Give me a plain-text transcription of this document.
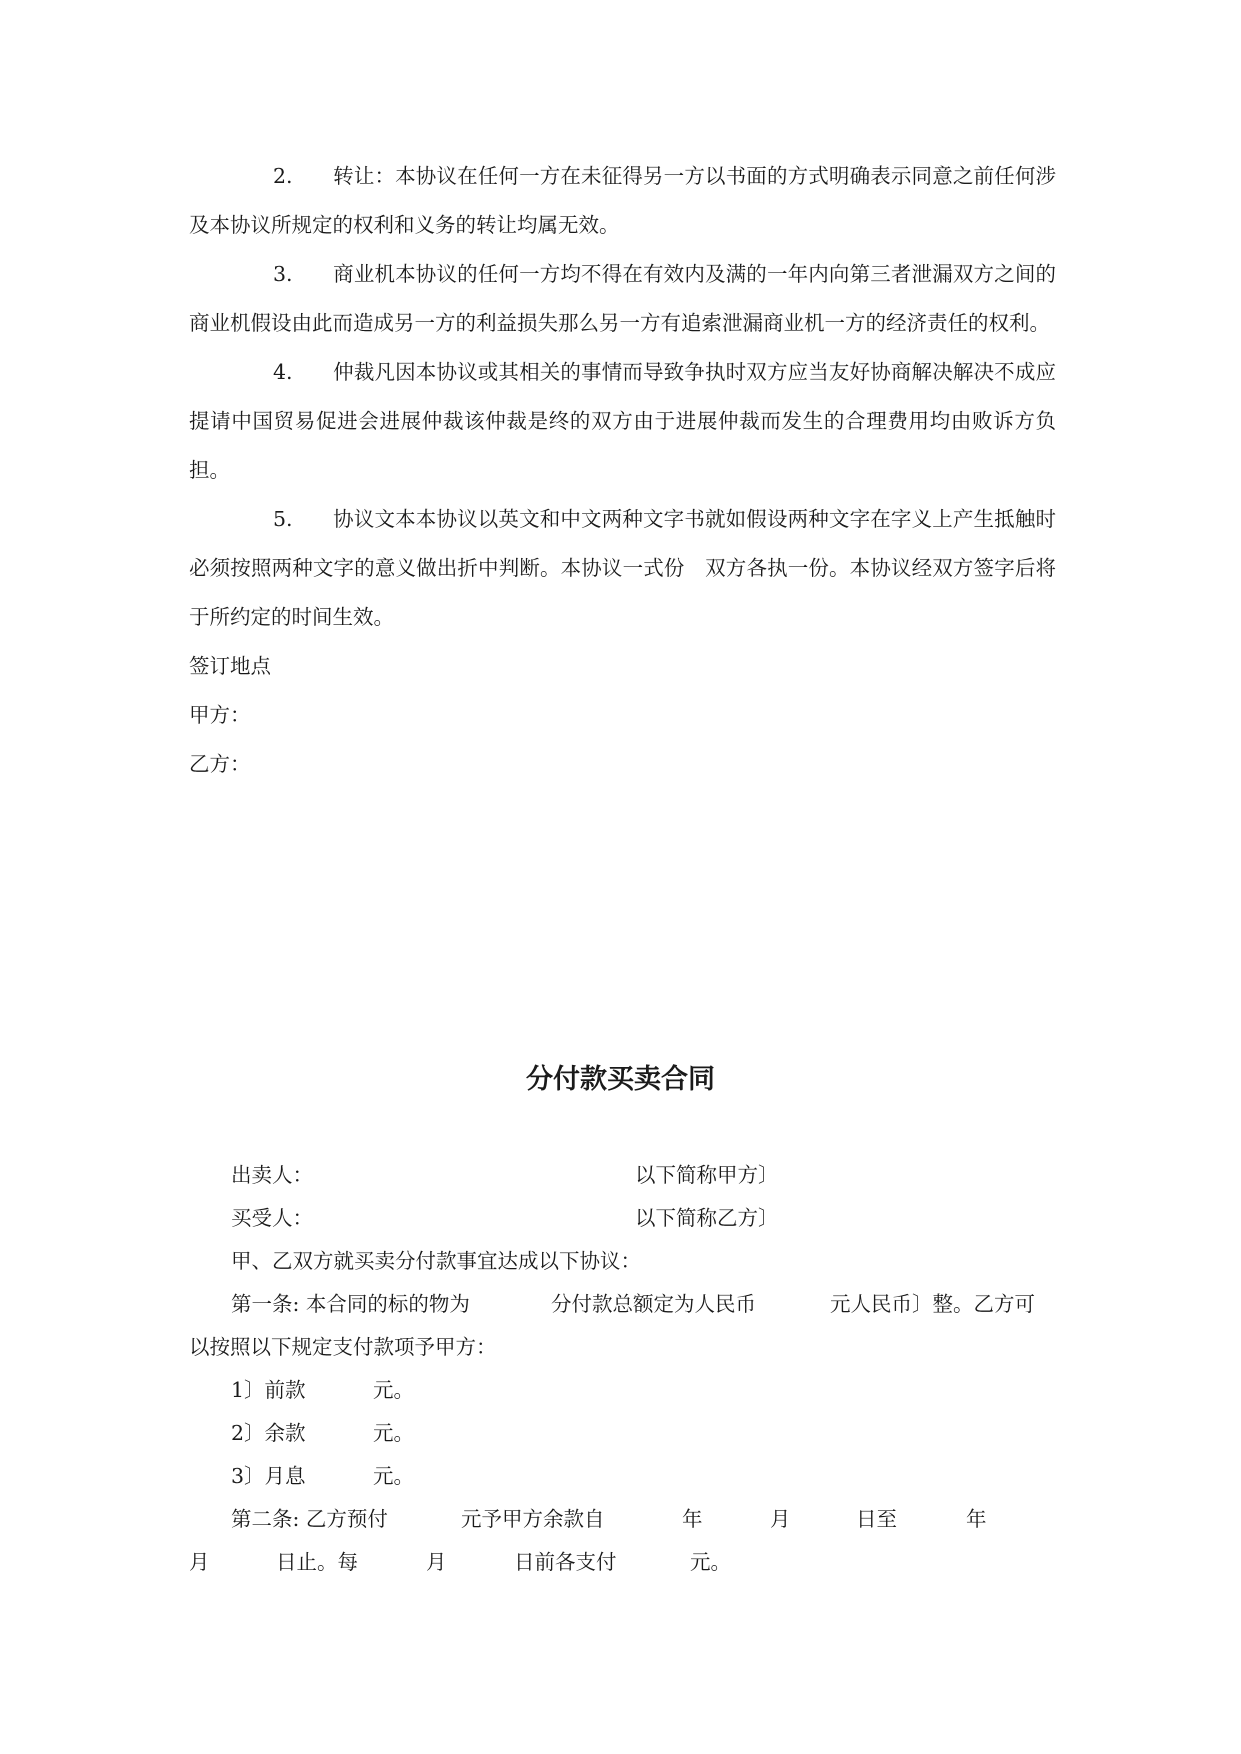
2. 转让：本协议在任何一方在未征得另一方以书面的方式明确表示同意之前任何涉及本协议所规定的权利和义务的转让均属无效。

3. 商业机本协议的任何一方均不得在有效内及满的一年内向第三者泄漏双方之间的商业机假设由此而造成另一方的利益损失那么另一方有追索泄漏商业机一方的经济责任的权利。

4. 仲裁凡因本协议或其相关的事情而导致争执时双方应当友好协商解决解决不成应提请中国贸易促进会进展仲裁该仲裁是终的双方由于进展仲裁而发生的合理费用均由败诉方负担。

5. 协议文本本协议以英文和中文两种文字书就如假设两种文字在字义上产生抵触时必须按照两种文字的意义做出折中判断。本协议一式份　双方各执一份。本协议经双方签字后将于所约定的时间生效。

签订地点

甲方：

乙方：

分付款买卖合同
出卖人：	以下简称甲方〕
买受人：	以下简称乙方〕
甲、乙双方就买卖分付款事宜达成以下协议：
第一条: 本合同的标的物为	分付款总额定为人民币	元人民币〕整。乙方可
以按照以下规定支付款项予甲方：
1〕前款	元。
2〕余款	元。
3〕月息	元。
第二条: 乙方预付	元予甲方余款自	年	月	日至	年
月	日止。每	月	日前各支付	元。
